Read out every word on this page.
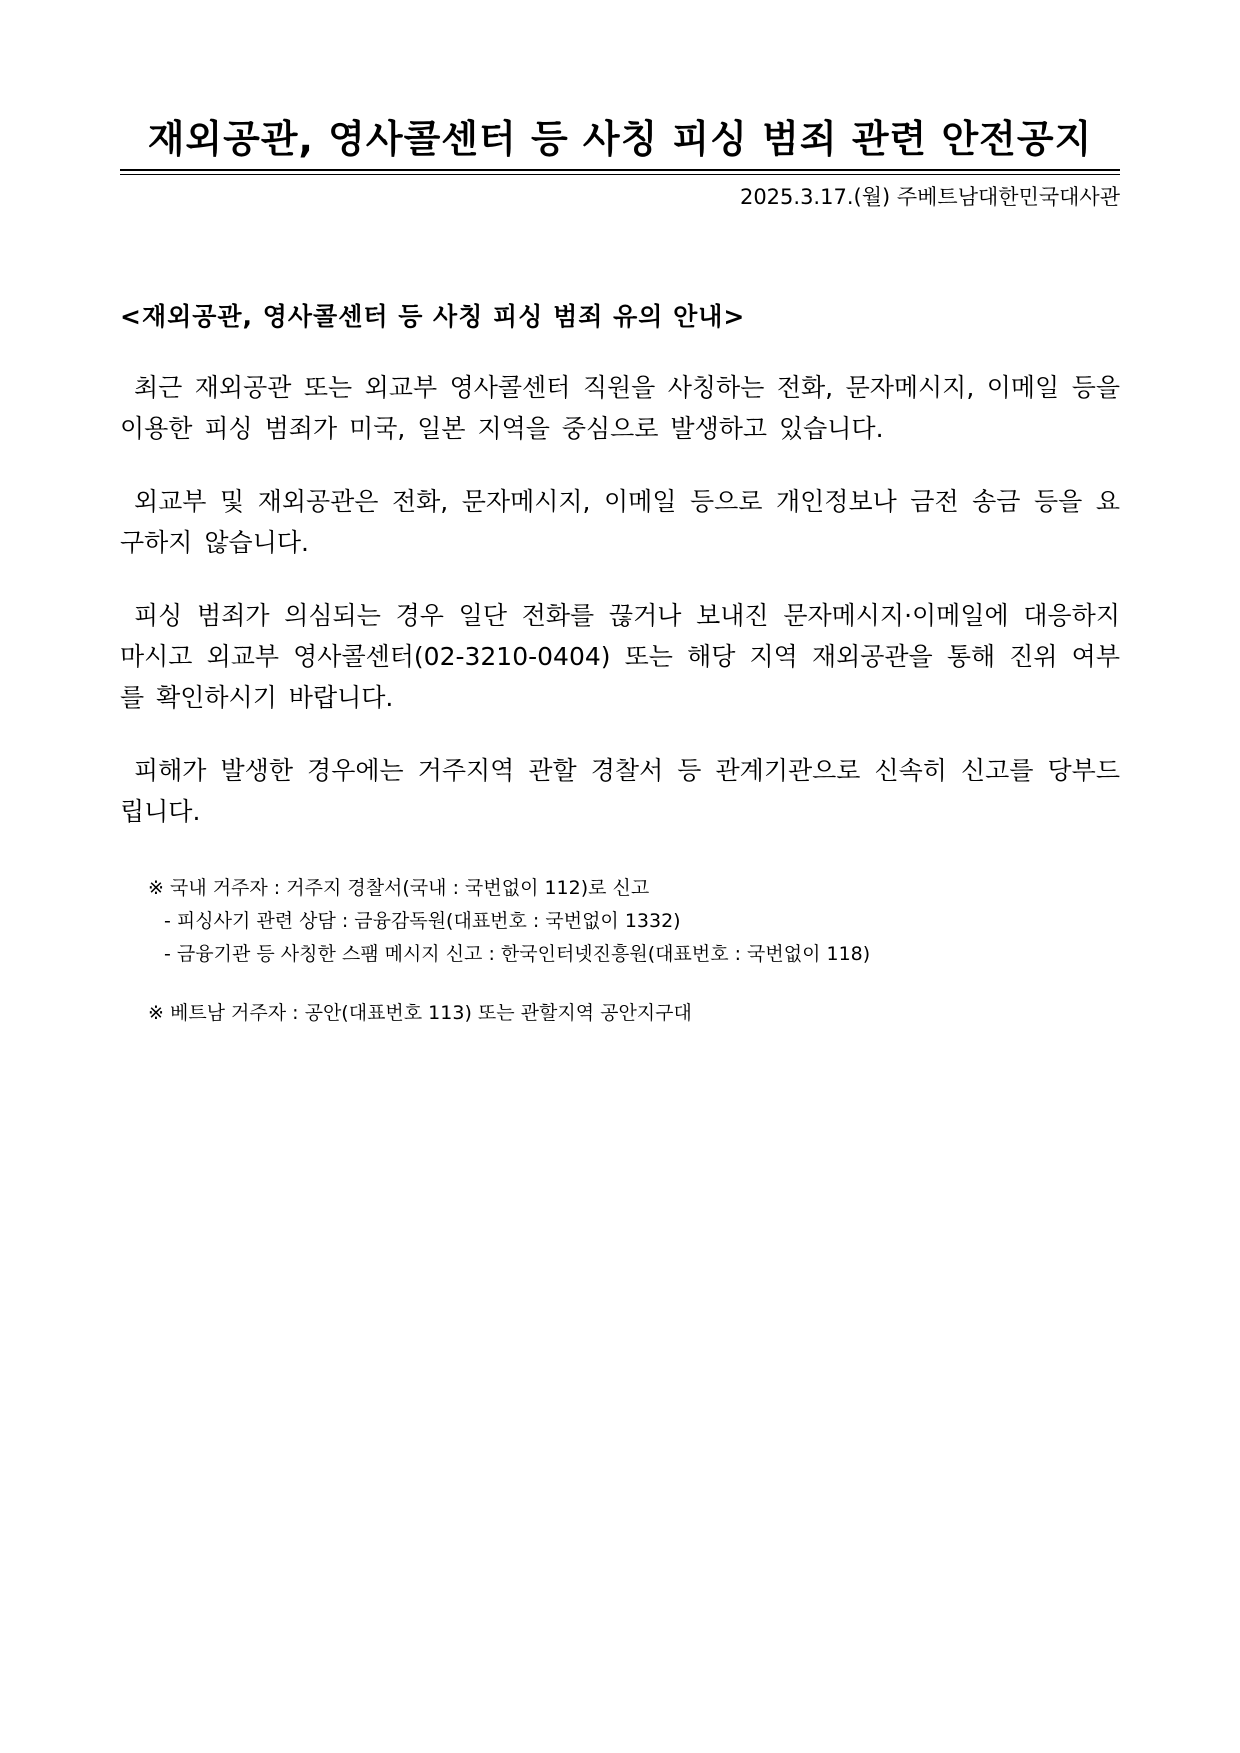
재외공관, 영사콜센터 등 사칭 피싱 범죄 관련 안전공지
2025.3.17.(월) 주베트남대한민국대사관
<재외공관, 영사콜센터 등 사칭 피싱 범죄 유의 안내>

최근 재외공관 또는 외교부 영사콜센터 직원을 사칭하는 전화, 문자메시지, 이메일 등을 이용한 피싱 범죄가 미국, 일본 지역을 중심으로 발생하고 있습니다.

외교부 및 재외공관은 전화, 문자메시지, 이메일 등으로 개인정보나 금전 송금 등을 요구하지 않습니다.

피싱 범죄가 의심되는 경우 일단 전화를 끊거나 보내진 문자메시지·이메일에 대응하지 마시고 외교부 영사콜센터(02-3210-0404) 또는 해당 지역 재외공관을 통해 진위 여부를 확인하시기 바랍니다.

피해가 발생한 경우에는 거주지역 관할 경찰서 등 관계기관으로 신속히 신고를 당부드립니다.

※ 국내 거주자 : 거주지 경찰서(국내 : 국번없이 112)로 신고
- 피싱사기 관련 상담 : 금융감독원(대표번호 : 국번없이 1332)
- 금융기관 등 사칭한 스팸 메시지 신고 : 한국인터넷진흥원(대표번호 : 국번없이 118)
※ 베트남 거주자 : 공안(대표번호 113) 또는 관할지역 공안지구대
